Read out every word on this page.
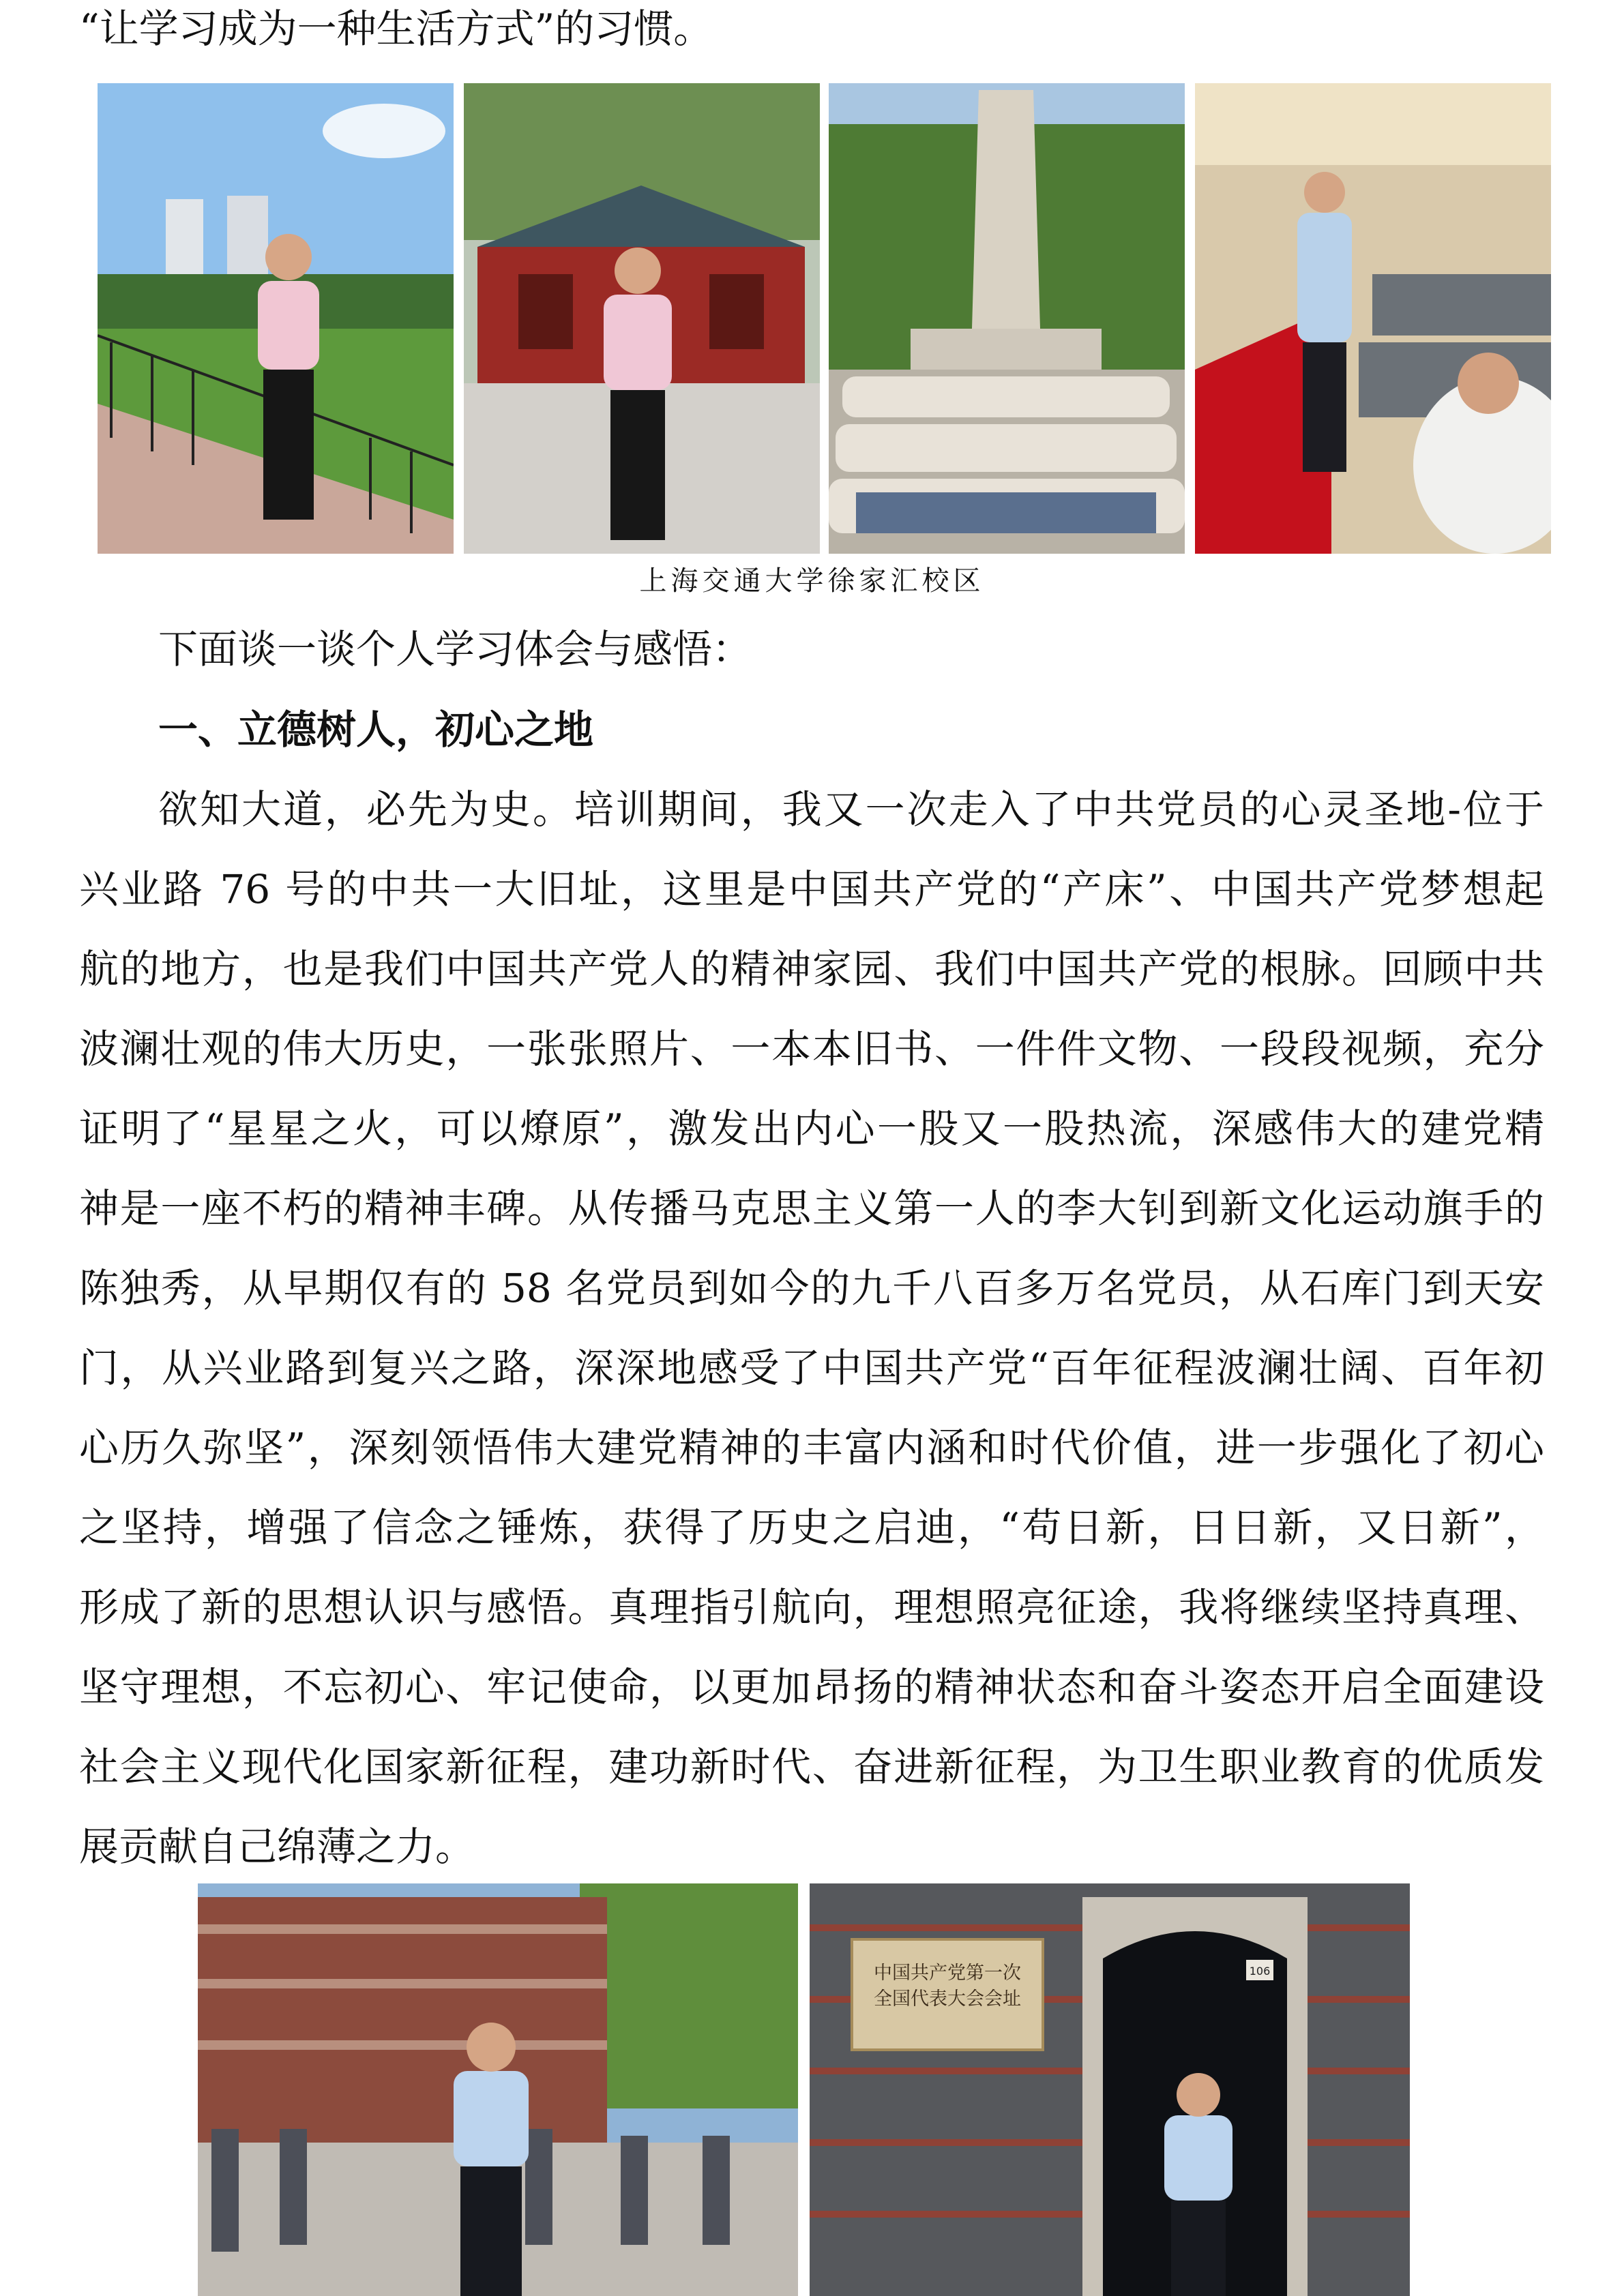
“让学习成为一种生活方式”的习惯。

上海交通大学徐家汇校区

下面谈一谈个人学习体会与感悟：

一、立德树人，初心之地

欲知大道，必先为史。培训期间，我又一次走入了中共党员的心灵圣地-位于

兴业路 76 号的中共一大旧址，这里是中国共产党的“产床”、中国共产党梦想起

航的地方，也是我们中国共产党人的精神家园、我们中国共产党的根脉。回顾中共

波澜壮观的伟大历史，一张张照片、一本本旧书、一件件文物、一段段视频，充分

证明了“星星之火，可以燎原”，激发出内心一股又一股热流，深感伟大的建党精

神是一座不朽的精神丰碑。从传播马克思主义第一人的李大钊到新文化运动旗手的

陈独秀，从早期仅有的 58 名党员到如今的九千八百多万名党员，从石库门到天安

门，从兴业路到复兴之路，深深地感受了中国共产党“百年征程波澜壮阔、百年初

心历久弥坚”，深刻领悟伟大建党精神的丰富内涵和时代价值，进一步强化了初心

之坚持，增强了信念之锤炼，获得了历史之启迪，“苟日新，日日新，又日新”，

形成了新的思想认识与感悟。真理指引航向，理想照亮征途，我将继续坚持真理、

坚守理想，不忘初心、牢记使命，以更加昂扬的精神状态和奋斗姿态开启全面建设

社会主义现代化国家新征程，建功新时代、奋进新征程，为卫生职业教育的优质发

展贡献自己绵薄之力。

中国共产党第一次
全国代表大会会址
106
